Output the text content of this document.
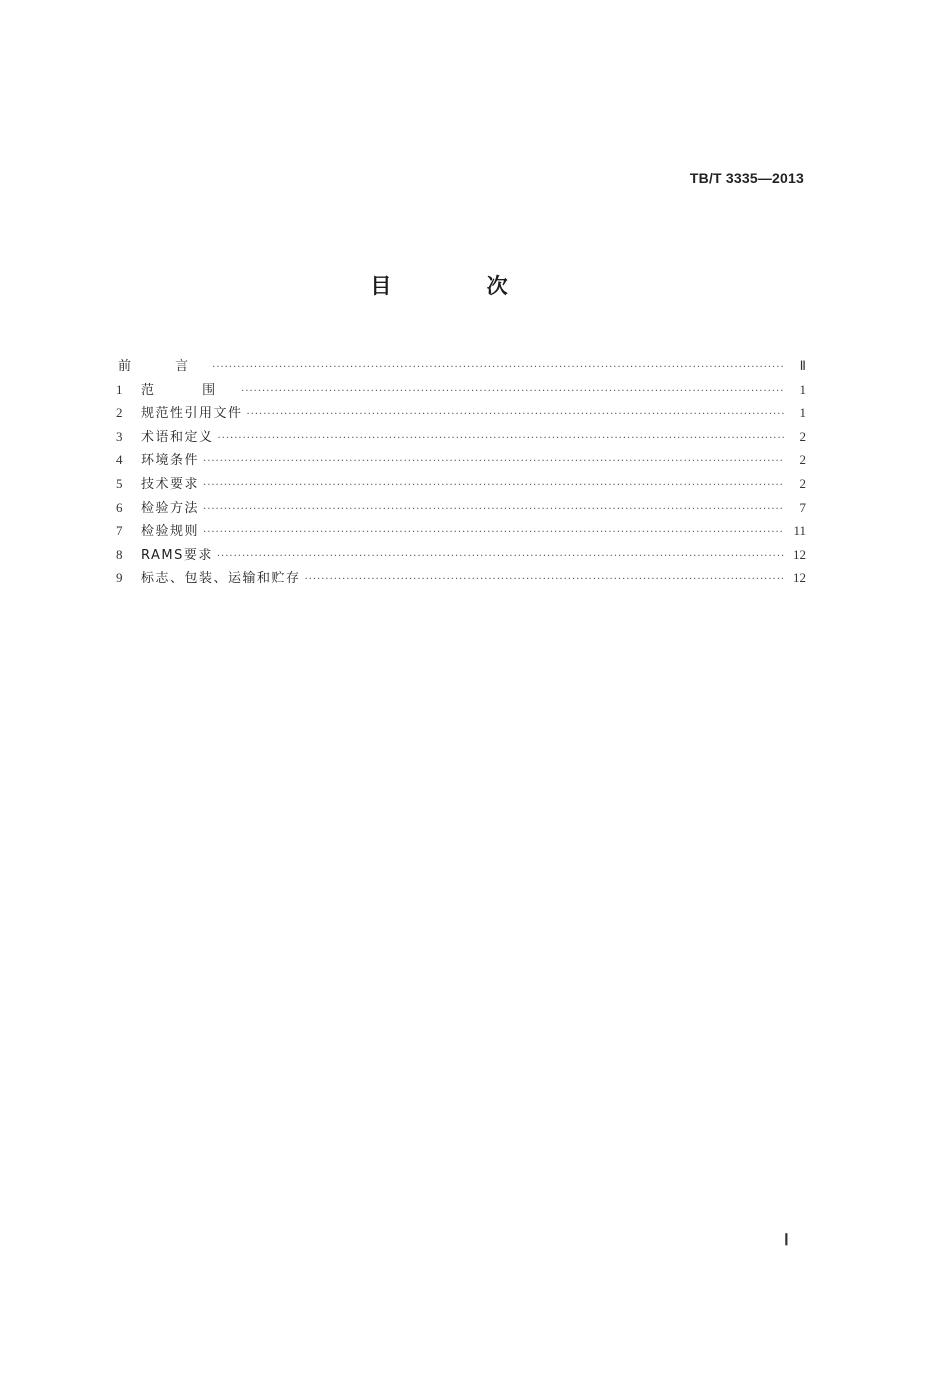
TB/T 3335—2013
目 次
前 言 ·····	Ⅱ
1	范 围 ·····	1
2	规范性引用文件 ·····	1
3	术语和定义 ·····	2
4	环境条件 ·····	2
5	技术要求 ·····	2
6	检验方法 ·····	7
7	检验规则 ·····	11
8	RAMS要求 ·····	12
9	标志、包装、运输和贮存 ·····	12
Ⅰ
